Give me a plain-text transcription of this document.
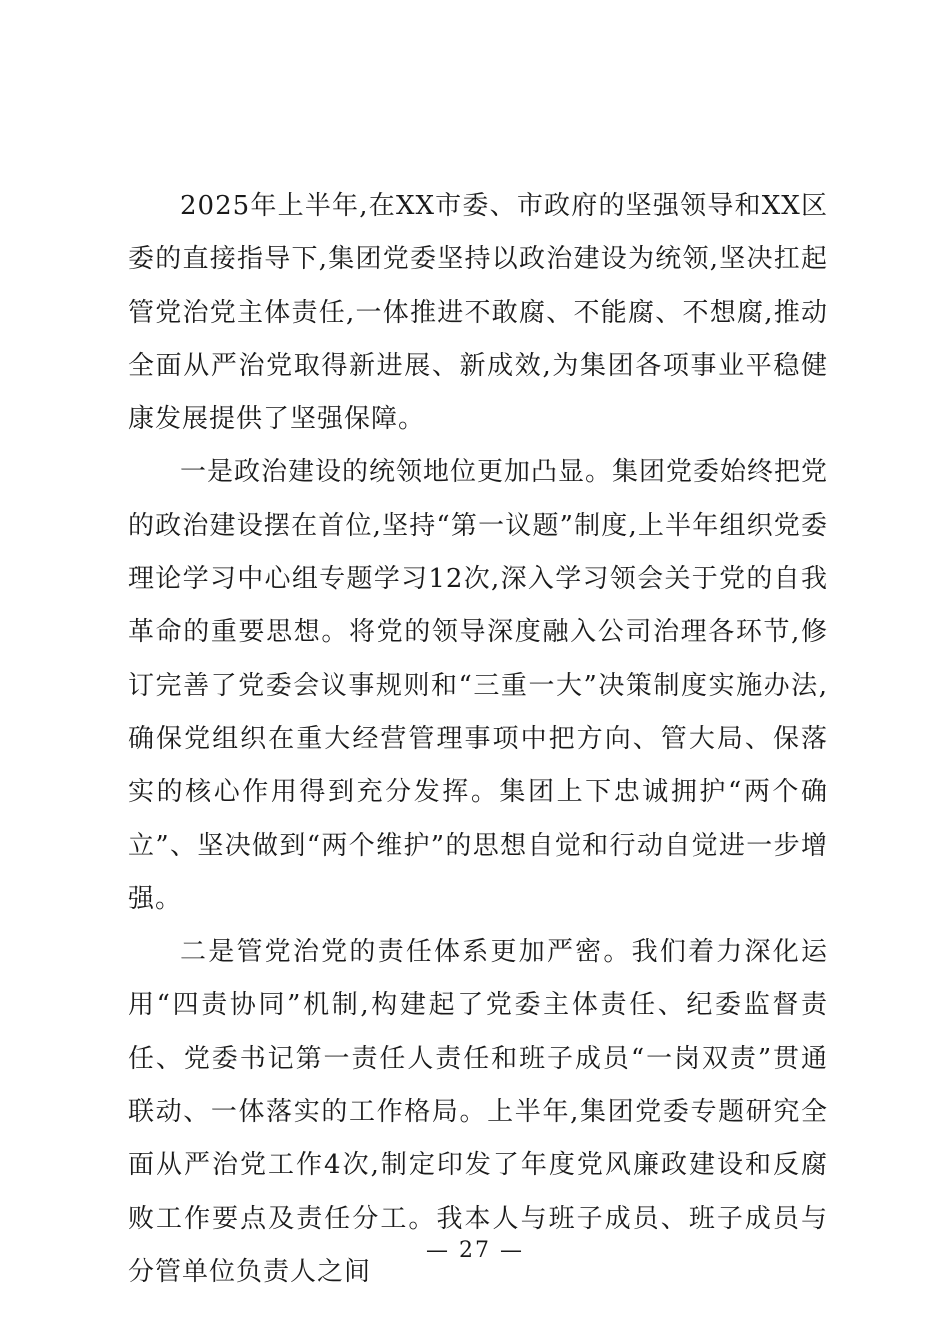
2025年上半年,在XX市委、市政府的坚强领导和XX区委的直接指导下,集团党委坚持以政治建设为统领,坚决扛起管党治党主体责任,一体推进不敢腐、不能腐、不想腐,推动全面从严治党取得新进展、新成效,为集团各项事业平稳健康发展提供了坚强保障。

一是政治建设的统领地位更加凸显。集团党委始终把党的政治建设摆在首位,坚持“第一议题”制度,上半年组织党委理论学习中心组专题学习12次,深入学习领会关于党的自我革命的重要思想。将党的领导深度融入公司治理各环节,修订完善了党委会议事规则和“三重一大”决策制度实施办法,确保党组织在重大经营管理事项中把方向、管大局、保落实的核心作用得到充分发挥。集团上下忠诚拥护“两个确立”、坚决做到“两个维护”的思想自觉和行动自觉进一步增强。

二是管党治党的责任体系更加严密。我们着力深化运用“四责协同”机制,构建起了党委主体责任、纪委监督责任、党委书记第一责任人责任和班子成员“一岗双责”贯通联动、一体落实的工作格局。上半年,集团党委专题研究全面从严治党工作4次,制定印发了年度党风廉政建设和反腐败工作要点及责任分工。我本人与班子成员、班子成员与分管单位负责人之间

— 27 —
